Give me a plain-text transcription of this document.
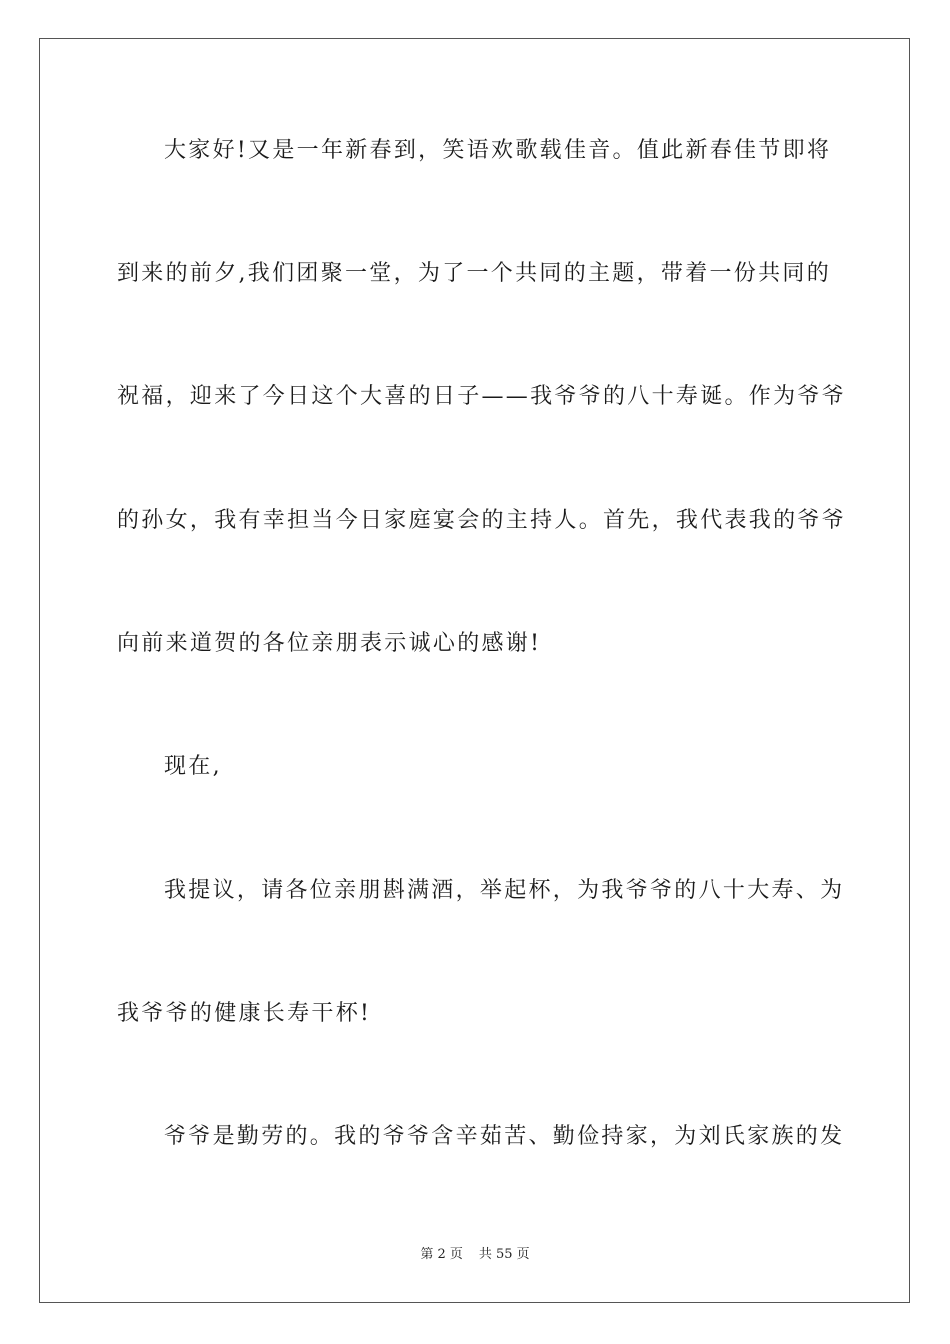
大家好!又是一年新春到，笑语欢歌载佳音。值此新春佳节即将
到来的前夕,我们团聚一堂，为了一个共同的主题，带着一份共同的
祝福，迎来了今日这个大喜的日子——我爷爷的八十寿诞。作为爷爷
的孙女，我有幸担当今日家庭宴会的主持人。首先，我代表我的爷爷
向前来道贺的各位亲朋表示诚心的感谢!
现在,
我提议，请各位亲朋斟满酒，举起杯，为我爷爷的八十大寿、为
我爷爷的健康长寿干杯!
爷爷是勤劳的。我的爷爷含辛茹苦、勤俭持家，为刘氏家族的发
第 2 页 共 55 页
